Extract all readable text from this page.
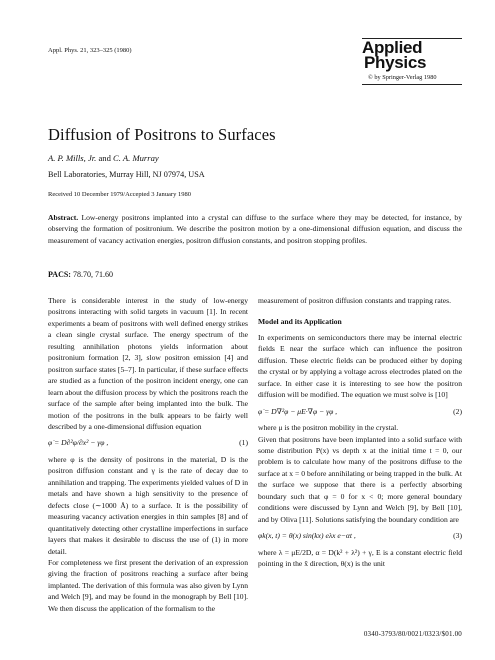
Appl. Phys. 21, 323–325 (1980)	Applied
Physics
© by Springer-Verlag 1980
Diffusion of Positrons to Surfaces
A. P. Mills, Jr. and C. A. Murray
Bell Laboratories, Murray Hill, NJ 07974, USA
Received 10 December 1979/Accepted 3 January 1980
Abstract. Low-energy positrons implanted into a crystal can diffuse to the surface where they may be detected, for instance, by observing the formation of positronium. We describe the positron motion by a one-dimensional diffusion equation, and discuss the measurement of vacancy activation energies, positron diffusion constants, and positron stopping profiles.
PACS: 78.70, 71.60

There is considerable interest in the study of low-energy positrons interacting with solid targets in vacuum [1]. In recent experiments a beam of positrons with well defined energy strikes a clean single crystal surface. The energy spectrum of the resulting annihilation photons yields information about positronium formation [2, 3], slow positron emission [4] and positron surface states [5–7]. In particular, if these surface effects are studied as a function of the positron incident energy, one can learn about the diffusion process by which the positrons reach the surface of the sample after being implanted into the bulk. The motion of the positrons in the bulk appears to be fairly well described by a one-dimensional diffusion equation

φ̇ = D∂²φ/∂x² − γφ ,	(1)

where φ is the density of positrons in the material, D is the positron diffusion constant and γ is the rate of decay due to annihilation and trapping. The experiments yielded values of D in metals and have shown a high sensitivity to the presence of defects close (∼1000 Å) to a surface. It is the possibility of measuring vacancy activation energies in thin samples [8] and of quantitatively detecting other crystalline imperfections in surface layers that makes it desirable to discuss the use of (1) in more detail.

For completeness we first present the derivation of an expression giving the fraction of positrons reaching a surface after being implanted. The derivation of this formula was also given by Lynn and Welch [9], and may be found in the monograph by Bell [10]. We then discuss the application of the formalism to the

measurement of positron diffusion constants and trapping rates.

Model and its Application

In experiments on semiconductors there may be internal electric fields E near the surface which can influence the positron diffusion. These electric fields can be produced either by doping the crystal or by applying a voltage across electrodes plated on the surface. In either case it is interesting to see how the positron diffusion will be modified. The equation we must solve is [10]

φ̇ = D∇²φ − μE·∇φ − γφ ,	(2)

where μ is the positron mobility in the crystal.

Given that positrons have been implanted into a solid surface with some distribution P(x) vs depth x at the initial time t = 0, our problem is to calculate how many of the positrons diffuse to the surface at x = 0 before annihilating or being trapped in the bulk. At the surface we suppose that there is a perfectly absorbing boundary such that φ = 0 for x < 0; more general boundary conditions were discussed by Lynn and Welch [9], by Bell [10], and by Oliva [11]. Solutions satisfying the boundary condition are

φk(x, t) = θ(x) sin(kx) eλx e−αt ,	(3)

where λ = μE/2D, α = D(k² + λ²) + γ, E is a constant electric field pointing in the x̂ direction, θ(x) is the unit

0340-3793/80/0021/0323/$01.00
